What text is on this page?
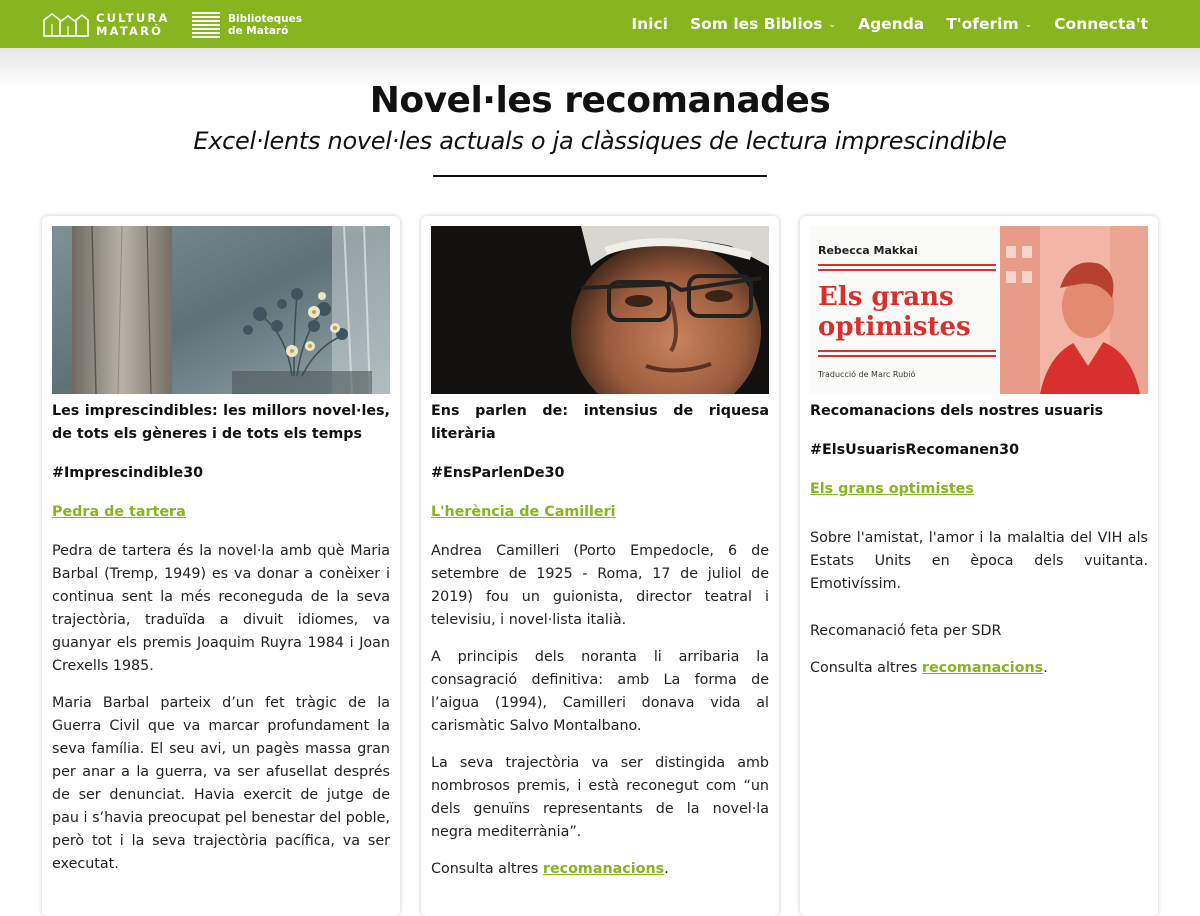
CULTURA
MATARÓ
Biblioteques
de Mataró	Inici Som les Biblios ⌄ Agenda T'oferim ⌄ Connecta't
Novel·les recomanades
Excel·lents novel·les actuals o ja clàssiques de lectura imprescindible
Les imprescindibles: les millors novel·les, de tots els gèneres i de tots els temps
#Imprescindible30
Pedra de tartera

Pedra de tartera és la novel·la amb què Maria Barbal (Tremp, 1949) es va donar a conèixer i continua sent la més reconeguda de la seva trajectòria, traduïda a divuit idiomes, va guanyar els premis Joaquim Ruyra 1984 i Joan Crexells 1985.

Maria Barbal parteix d’un fet tràgic de la Guerra Civil que va marcar profundament la seva família. El seu avi, un pagès massa gran per anar a la guerra, va ser afusellat després de ser denunciat. Havia exercit de jutge de pau i s’havia preocupat pel benestar del poble, però tot i la seva trajectòria pacífica, va ser executat.

Ens parlen de: intensius de riquesa literària
#EnsParlenDe30
L'herència de Camilleri

Andrea Camilleri (Porto Empedocle, 6 de setembre de 1925 - Roma, 17 de juliol de 2019) fou un guionista, director teatral i televisiu, i novel·lista italià.

A principis dels noranta li arribaria la consagració definitiva: amb La forma de l’aigua (1994), Camilleri donava vida al carismàtic Salvo Montalbano.

La seva trajectòria va ser distingida amb nombrosos premis, i està reconegut com “un dels genuïns representants de la novel·la negra mediterrània”.

Consulta altres recomanacions.

Rebecca Makkai
Els grans
optimistes
Traducció de Marc Rubió
Recomanacions dels nostres usuaris
#ElsUsuarisRecomanen30
Els grans optimistes

Sobre l'amistat, l'amor i la malaltia del VIH als Estats Units en època dels vuitanta. Emotivíssim.

Recomanació feta per SDR

Consulta altres recomanacions.
